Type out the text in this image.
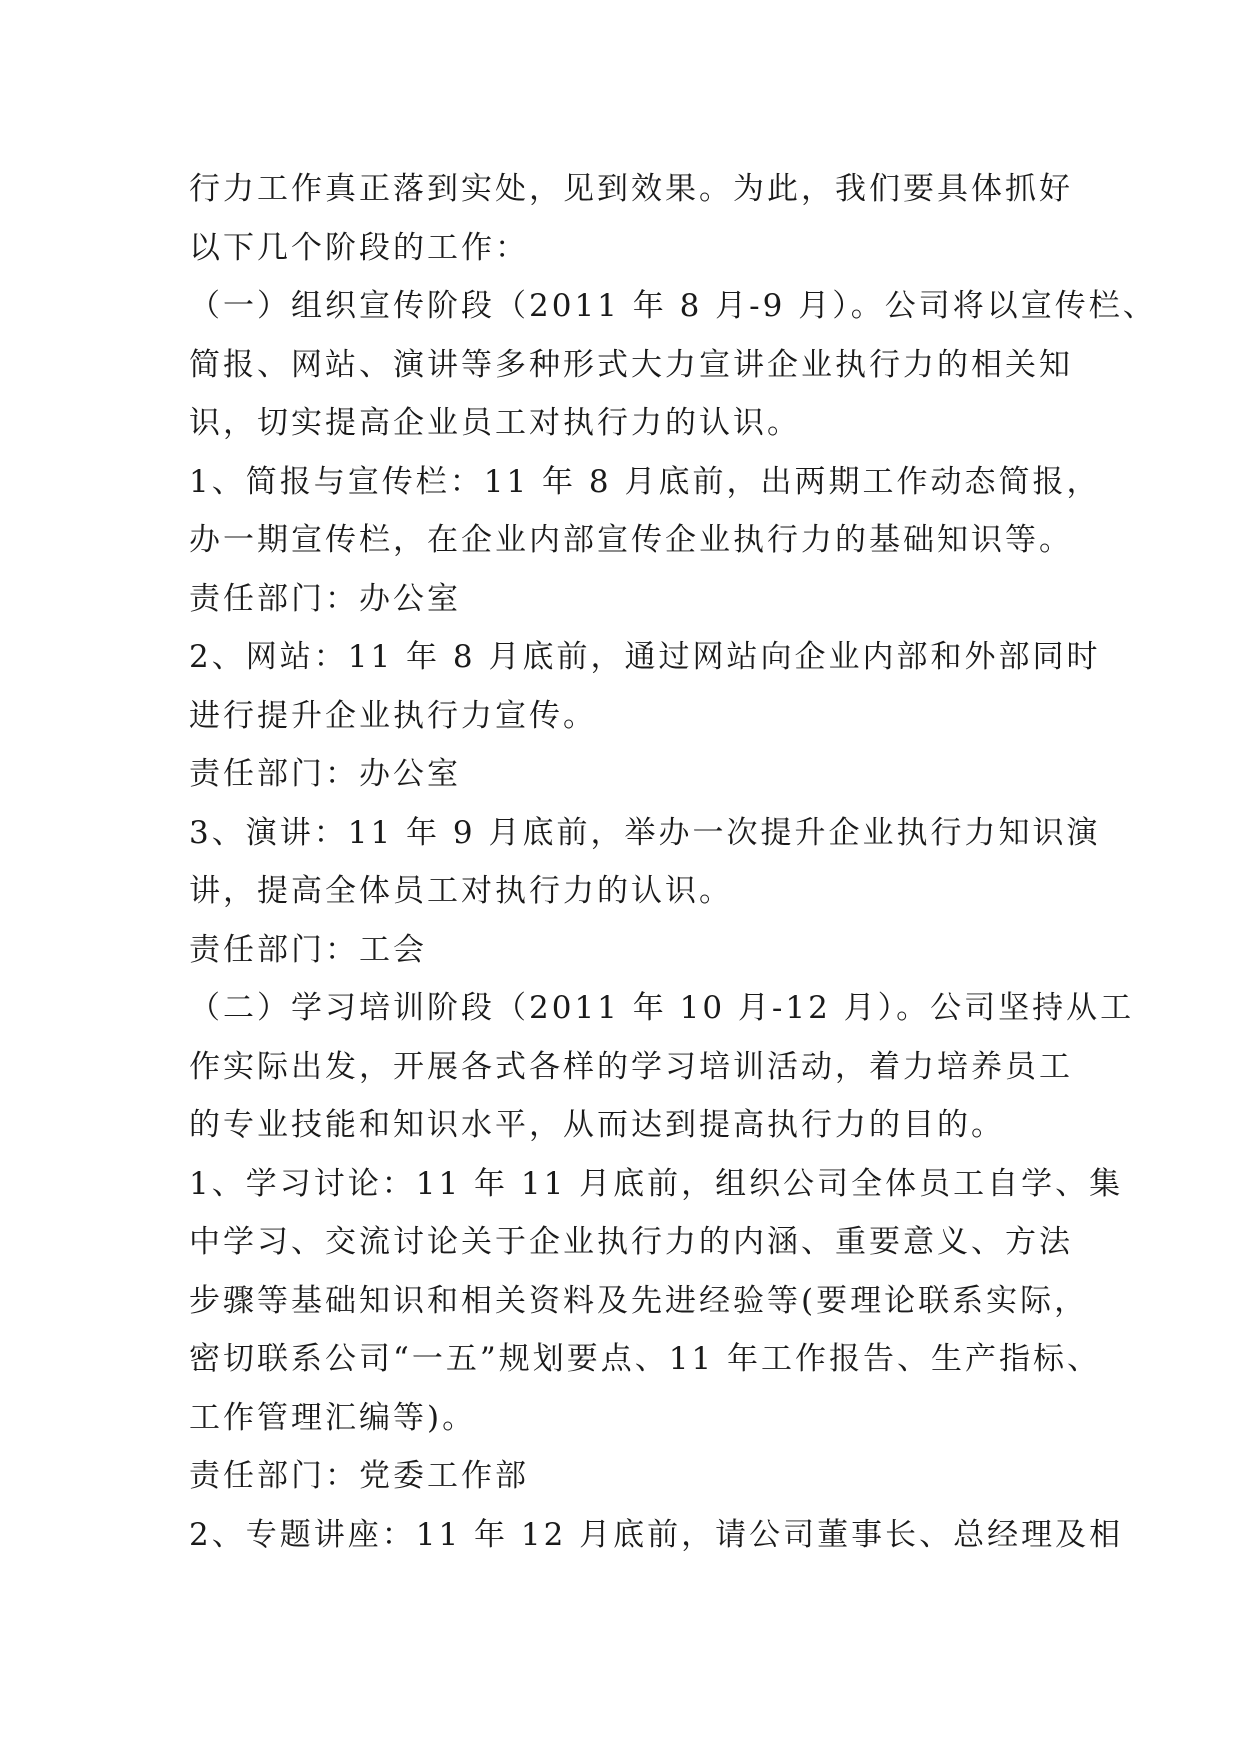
行力工作真正落到实处，见到效果。为此，我们要具体抓好
以下几个阶段的工作：
（一）组织宣传阶段（2011 年 8 月-9 月）。公司将以宣传栏、
简报、网站、演讲等多种形式大力宣讲企业执行力的相关知
识，切实提高企业员工对执行力的认识。
1、简报与宣传栏：11 年 8 月底前，出两期工作动态简报，
办一期宣传栏，在企业内部宣传企业执行力的基础知识等。
责任部门：办公室
2、网站：11 年 8 月底前，通过网站向企业内部和外部同时
进行提升企业执行力宣传。
责任部门：办公室
3、演讲：11 年 9 月底前，举办一次提升企业执行力知识演
讲，提高全体员工对执行力的认识。
责任部门：工会
（二）学习培训阶段（2011 年 10 月-12 月）。公司坚持从工
作实际出发，开展各式各样的学习培训活动，着力培养员工
的专业技能和知识水平，从而达到提高执行力的目的。
1、学习讨论：11 年 11 月底前，组织公司全体员工自学、集
中学习、交流讨论关于企业执行力的内涵、重要意义、方法
步骤等基础知识和相关资料及先进经验等(要理论联系实际，
密切联系公司“一五”规划要点、11 年工作报告、生产指标、
工作管理汇编等)。
责任部门：党委工作部
2、专题讲座：11 年 12 月底前，请公司董事长、总经理及相
